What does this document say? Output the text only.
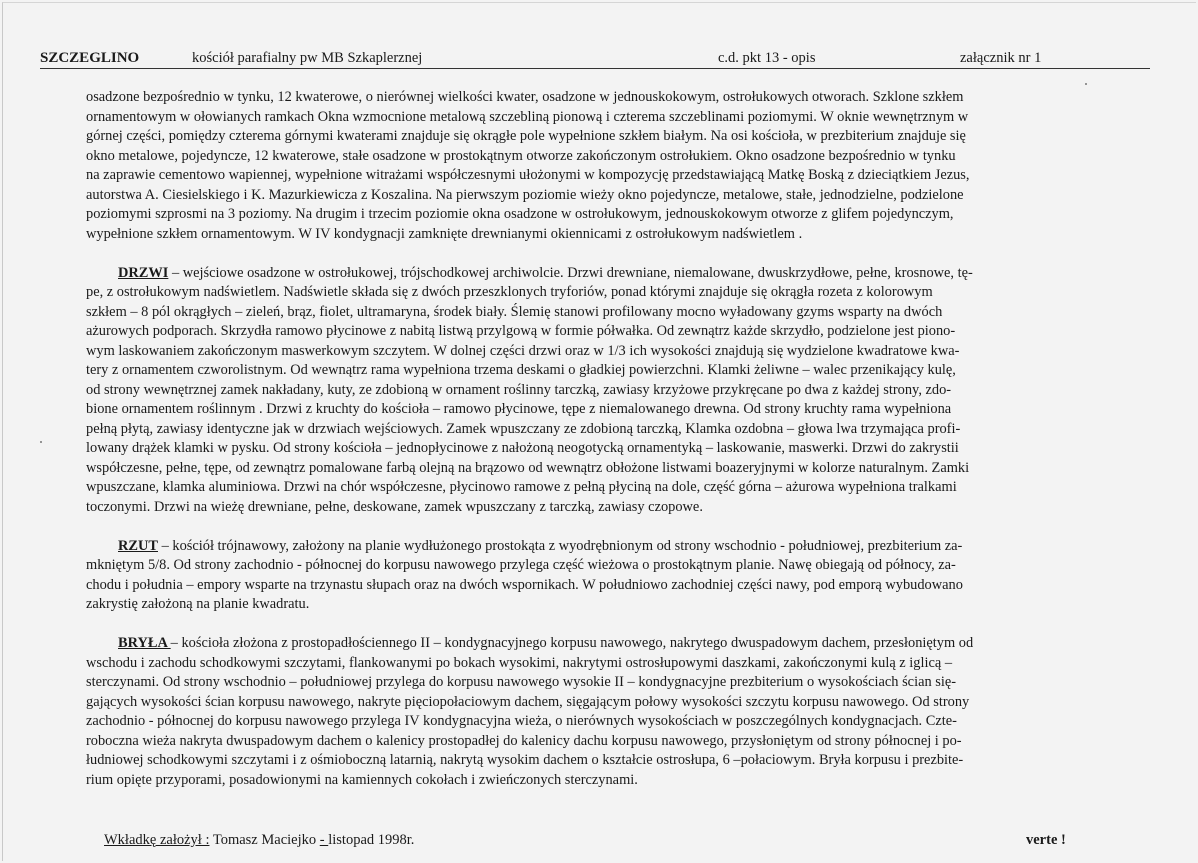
SZCZEGLINO	kościół parafialny pw MB Szkaplerznej	c.d. pkt 13 - opis	załącznik nr 1
osadzone bezpośrednio w tynku, 12 kwaterowe, o nierównej wielkości kwater, osadzone w jednouskokowym, ostrołukowych otworach. Szklone szkłem
ornamentowym w ołowianych ramkach Okna wzmocnione metalową szczebliną pionową i czterema szczeblinami poziomymi. W oknie wewnętrznym w
górnej części, pomiędzy czterema górnymi kwaterami znajduje się okrągłe pole wypełnione szkłem białym. Na osi kościoła, w prezbiterium znajduje się
okno metalowe, pojedyncze, 12 kwaterowe, stałe osadzone w prostokątnym otworze zakończonym ostrołukiem. Okno osadzone bezpośrednio w tynku
na zaprawie cementowo wapiennej, wypełnione witrażami współczesnymi ułożonymi w kompozycję przedstawiającą Matkę Boską z dzieciątkiem Jezus,
autorstwa A. Ciesielskiego i K. Mazurkiewicza z Koszalina. Na pierwszym poziomie wieży okno pojedyncze, metalowe, stałe, jednodzielne, podzielone
poziomymi szprosmi na 3 poziomy. Na drugim i trzecim poziomie okna osadzone w ostrołukowym, jednouskokowym otworze z glifem pojedynczym,
wypełnione szkłem ornamentowym. W IV kondygnacji zamknięte drewnianymi okiennicami z ostrołukowym nadświetlem .
DRZWI – wejściowe osadzone w ostrołukowej, trójschodkowej archiwolcie. Drzwi drewniane, niemalowane, dwuskrzydłowe, pełne, krosnowe, tę-
pe, z ostrołukowym nadświetlem. Nadświetle składa się z dwóch przeszklonych tryforiów, ponad którymi znajduje się okrągła rozeta z kolorowym
szkłem – 8 pól okrągłych – zieleń, brąz, fiolet, ultramaryna, środek biały. Ślemię stanowi profilowany mocno wyładowany gzyms wsparty na dwóch
ażurowych podporach. Skrzydła ramowo płycinowe z nabitą listwą przylgową w formie półwałka. Od zewnątrz każde skrzydło, podzielone jest piono-
wym laskowaniem zakończonym maswerkowym szczytem. W dolnej części drzwi oraz w 1/3 ich wysokości znajdują się wydzielone kwadratowe kwa-
tery z ornamentem czworolistnym. Od wewnątrz rama wypełniona trzema deskami o gładkiej powierzchni. Klamki żeliwne – walec przenikający kulę,
od strony wewnętrznej zamek nakładany, kuty, ze zdobioną w ornament roślinny tarczką, zawiasy krzyżowe przykręcane po dwa z każdej strony, zdo-
bione ornamentem roślinnym . Drzwi z kruchty do kościoła – ramowo płycinowe, tępe z niemalowanego drewna. Od strony kruchty rama wypełniona
pełną płytą, zawiasy identyczne jak w drzwiach wejściowych. Zamek wpuszczany ze zdobioną tarczką, Klamka ozdobna – głowa lwa trzymająca profi-
lowany drążek klamki w pysku. Od strony kościoła – jednopłycinowe z nałożoną neogotycką ornamentyką – laskowanie, maswerki. Drzwi do zakrystii
współczesne, pełne, tępe, od zewnątrz pomalowane farbą olejną na brązowo od wewnątrz obłożone listwami boazeryjnymi w kolorze naturalnym. Zamki
wpuszczane, klamka aluminiowa. Drzwi na chór współczesne, płycinowo ramowe z pełną płyciną na dole, część górna – ażurowa wypełniona tralkami
toczonymi. Drzwi na wieżę drewniane, pełne, deskowane, zamek wpuszczany z tarczką, zawiasy czopowe.
RZUT – kościół trójnawowy, założony na planie wydłużonego prostokąta z wyodrębnionym od strony wschodnio - południowej, prezbiterium za-
mkniętym 5/8. Od strony zachodnio - północnej do korpusu nawowego przylega część wieżowa o prostokątnym planie. Nawę obiegają od północy, za-
chodu i południa – empory wsparte na trzynastu słupach oraz na dwóch wspornikach. W południowo zachodniej części nawy, pod emporą wybudowano
zakrystię założoną na planie kwadratu.
BRYŁA – kościoła złożona z prostopadłościennego II – kondygnacyjnego korpusu nawowego, nakrytego dwuspadowym dachem, przesłoniętym od
wschodu i zachodu schodkowymi szczytami, flankowanymi po bokach wysokimi, nakrytymi ostrosłupowymi daszkami, zakończonymi kulą z iglicą –
sterczynami. Od strony wschodnio – południowej przylega do korpusu nawowego wysokie II – kondygnacyjne prezbiterium o wysokościach ścian się-
gających wysokości ścian korpusu nawowego, nakryte pięciopołaciowym dachem, sięgającym połowy wysokości szczytu korpusu nawowego. Od strony
zachodnio - północnej do korpusu nawowego przylega IV kondygnacyjna wieża, o nierównych wysokościach w poszczególnych kondygnacjach. Czte-
roboczna wieża nakryta dwuspadowym dachem o kalenicy prostopadłej do kalenicy dachu korpusu nawowego, przysłoniętym od strony północnej i po-
łudniowej schodkowymi szczytami i z ośmioboczną latarnią, nakrytą wysokim dachem o kształcie ostrosłupa, 6 –połaciowym. Bryła korpusu i prezbite-
rium opięte przyporami, posadowionymi na kamiennych cokołach i zwieńczonych sterczynami.
Wkładkę założył : Tomasz Maciejko - listopad 1998r.	verte !
